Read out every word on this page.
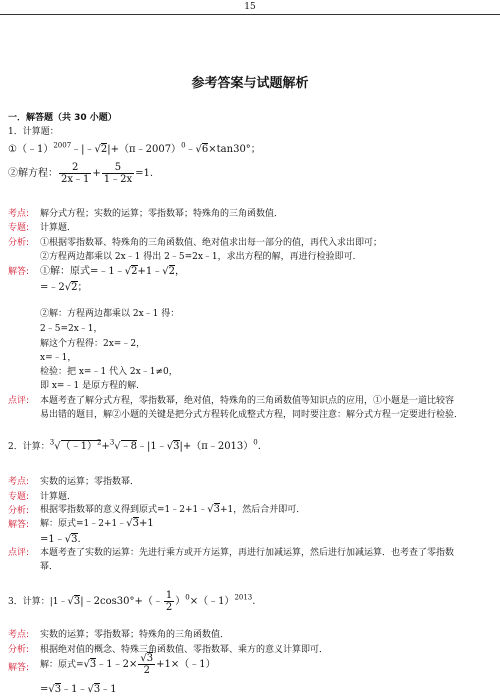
15
参考答案与试题解析
一．解答题（共 30 小题）
1．计算题：
①（﹣1）$^{2007}$﹣|﹣√2|+（π﹣2007）$^0$﹣√6×tan30°；
②解方程： $\frac{2}{2x﹣1} + \frac{5}{1﹣2x} =1$.
考点: 解分式方程；实数的运算；零指数幂；特殊角的三角函数值．
专题: 计算题．
分析: ①根据零指数幂、特殊角的三角函数值、绝对值求出每一部分的值，再代入求出即可；
②方程两边都乘以 2x﹣1 得出 2﹣5=2x﹣1，求出方程的解，再进行检验即可．
解答: ①解：原式=﹣1﹣√2+1﹣√2，
=﹣2√2；
②解：方程两边都乘以 2x﹣1 得：
2﹣5=2x﹣1，
解这个方程得：2x=﹣2，
x=﹣1，
检验：把 x=﹣1 代入 2x﹣1≠0，
即 x=﹣1 是原方程的解．
点评: 本题考查了解分式方程，零指数幂，绝对值，特殊角的三角函数值等知识点的应用，①小题是一道比较容
易出错的题目，解②小题的关键是把分式方程转化成整式方程，同时要注意：解分式方程一定要进行检验．
2．计算：$^3$√（﹣1）$^2$+$^3$√﹣8﹣|1﹣√3|+（π﹣2013）$^0$.
考点: 实数的运算；零指数幂．
专题: 计算题．
分析: 根据零指数幂的意义得到原式=1﹣2+1﹣√3+1，然后合并即可．
解答: 解：原式=1﹣2+1﹣√3+1
=1﹣√3.
点评: 本题考查了实数的运算：先进行乘方或开方运算，再进行加减运算，然后进行加减运算．也考查了零指数
幂．
3．计算：|1﹣√3|﹣2cos30°+（﹣ $\frac{1}{2}$ ）$^0$×（﹣1）$^{2013}$.
考点: 实数的运算；零指数幂；特殊角的三角函数值．
分析: 根据绝对值的概念、特殊三角函数值、零指数幂、乘方的意义计算即可．
解答: 解：原式=√3﹣1﹣2× $\frac{√3}{2}$ +1×（﹣1）
=√3﹣1﹣√3﹣1
